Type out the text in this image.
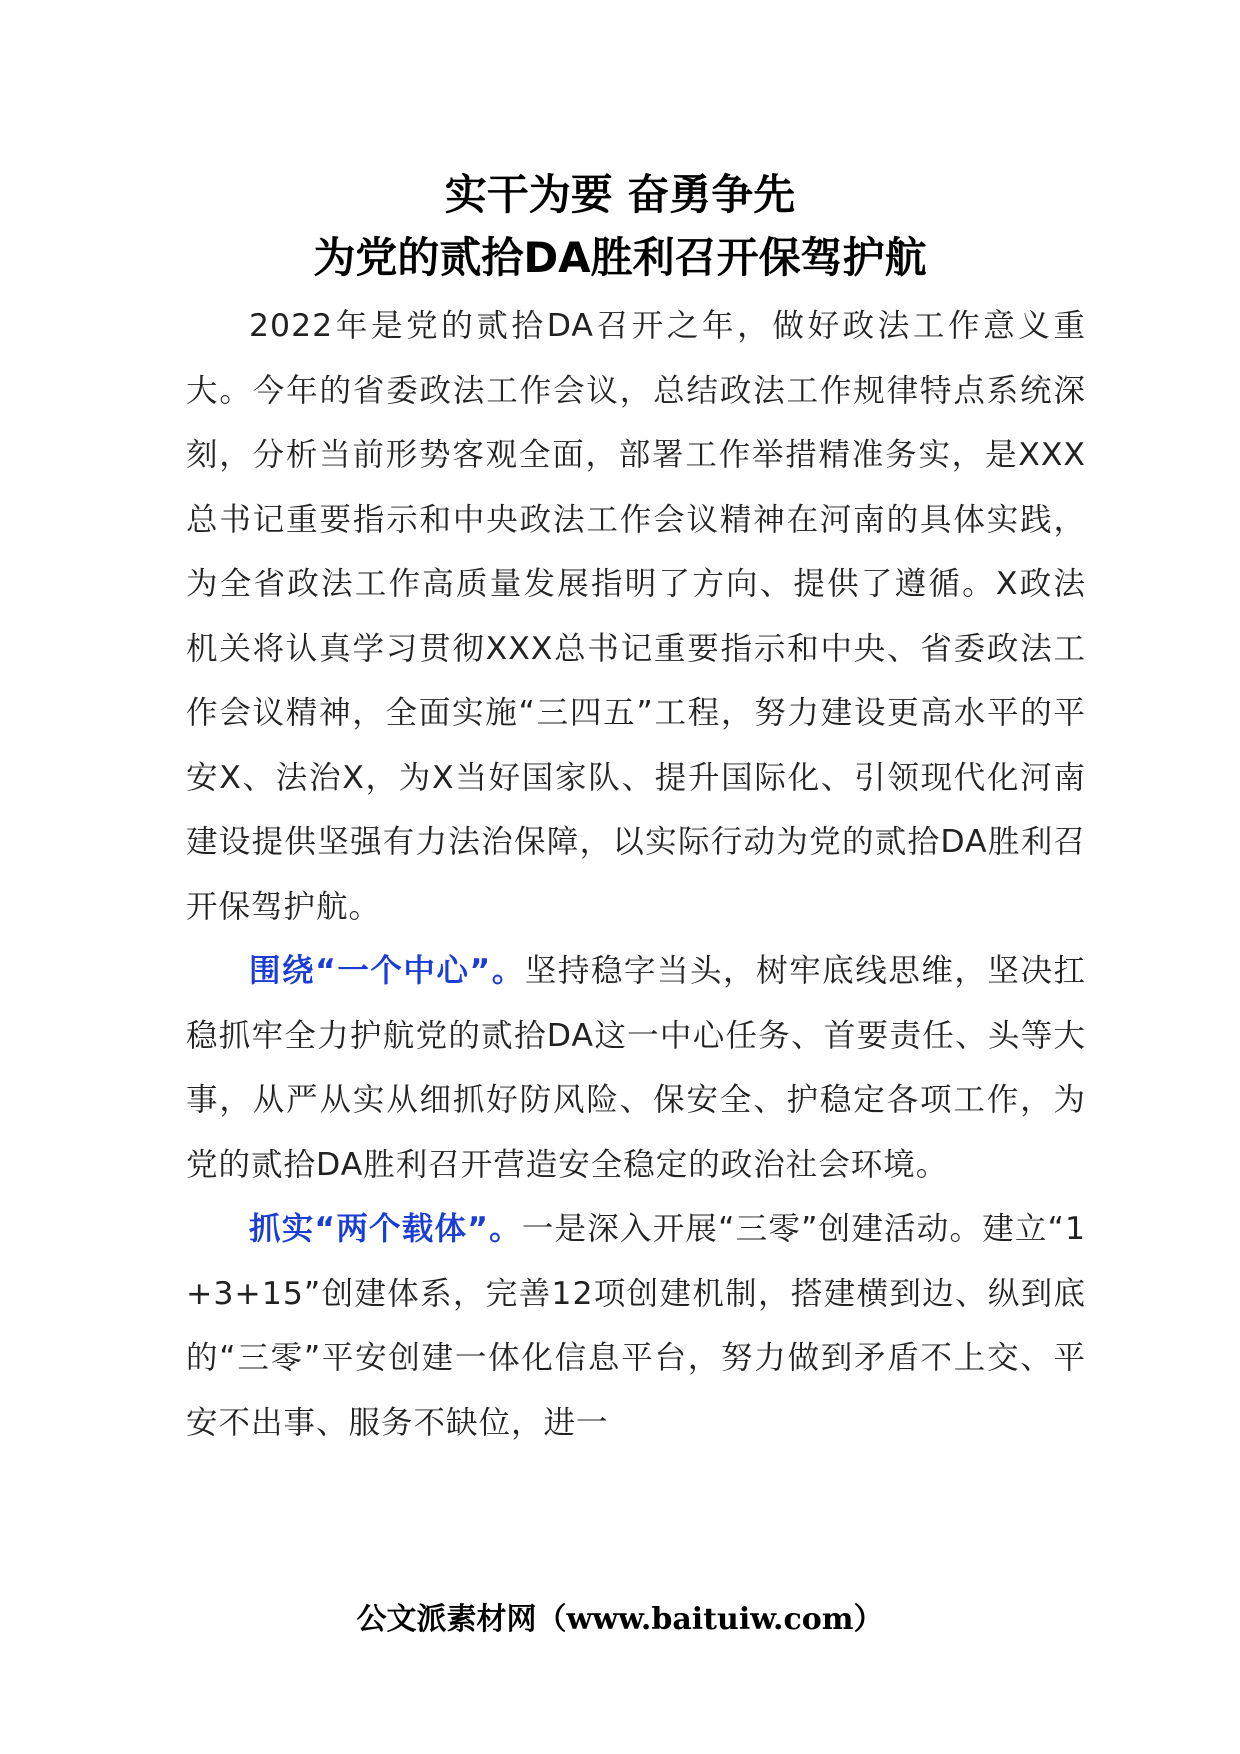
实干为要 奋勇争先
为党的贰拾DA胜利召开保驾护航

2022年是党的贰拾DA召开之年，做好政法工作意义重大。今年的省委政法工作会议，总结政法工作规律特点系统深刻，分析当前形势客观全面，部署工作举措精准务实，是XXX总书记重要指示和中央政法工作会议精神在河南的具体实践，为全省政法工作高质量发展指明了方向、提供了遵循。X政法机关将认真学习贯彻XXX总书记重要指示和中央、省委政法工作会议精神，全面实施“三四五”工程，努力建设更高水平的平安X、法治X，为X当好国家队、提升国际化、引领现代化河南建设提供坚强有力法治保障，以实际行动为党的贰拾DA胜利召开保驾护航。

围绕“一个中心”。坚持稳字当头，树牢底线思维，坚决扛稳抓牢全力护航党的贰拾DA这一中心任务、首要责任、头等大事，从严从实从细抓好防风险、保安全、护稳定各项工作，为党的贰拾DA胜利召开营造安全稳定的政治社会环境。

抓实“两个载体”。一是深入开展“三零”创建活动。建立“1+3+15”创建体系，完善12项创建机制，搭建横到边、纵到底的“三零”平安创建一体化信息平台，努力做到矛盾不上交、平安不出事、服务不缺位，进一

公文派素材网（www.baituiw.com）
